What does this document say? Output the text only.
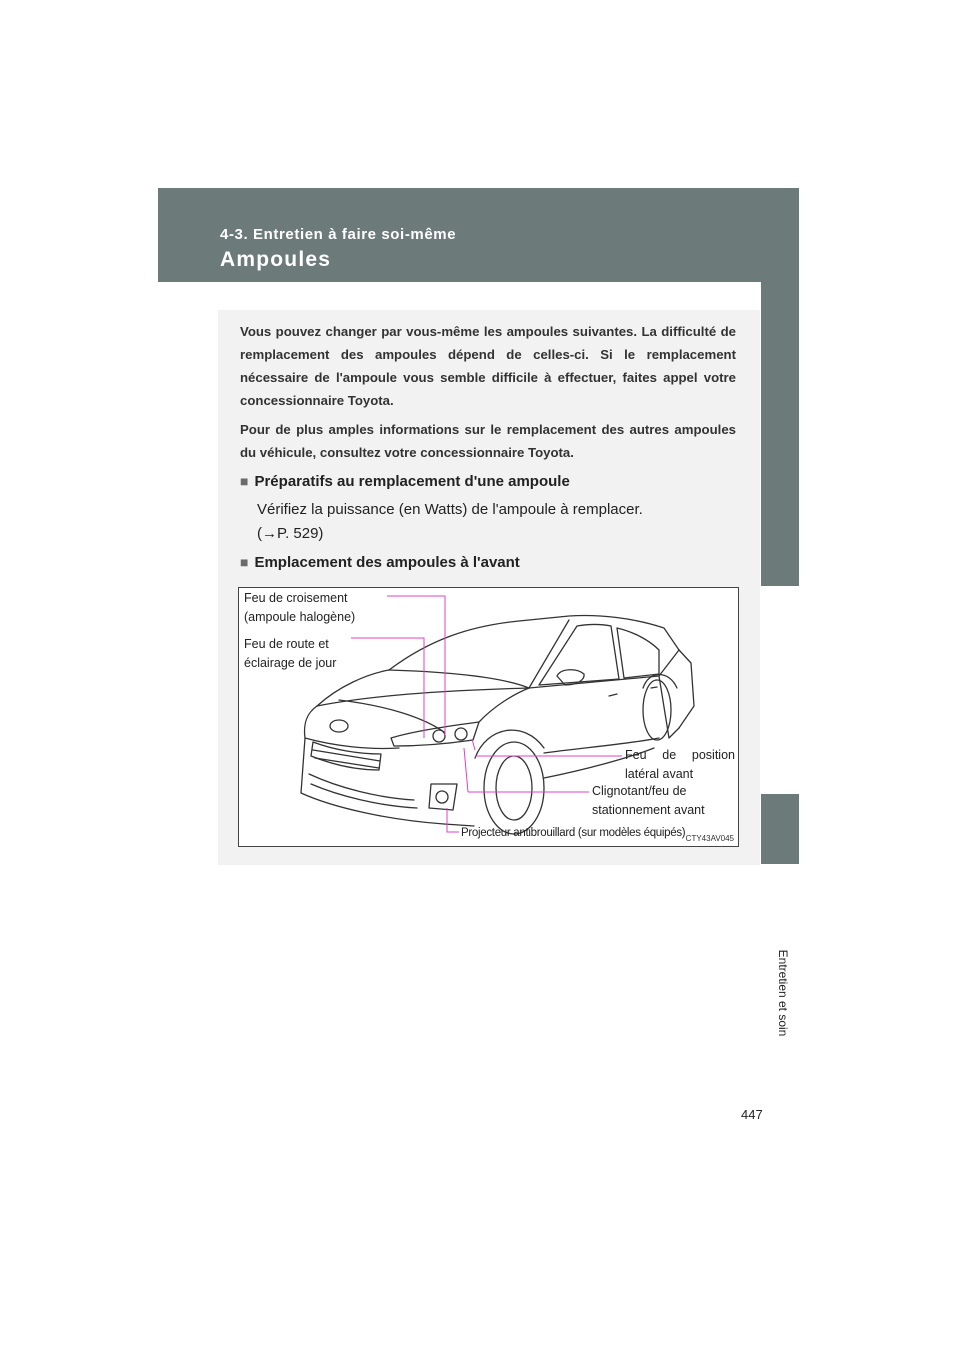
4-3. Entretien à faire soi-même
Ampoules
Entretien et soin

Vous pouvez changer par vous-même les ampoules suivantes. La difficulté de remplacement des ampoules dépend de celles-ci. Si le remplacement nécessaire de l'ampoule vous semble difficile à effectuer, faites appel votre concessionnaire Toyota.

Pour de plus amples informations sur le remplacement des autres ampoules du véhicule, consultez votre concessionnaire Toyota.

■ Préparatifs au remplacement d'une ampoule
Vérifiez la puissance (en Watts) de l'ampoule à remplacer.
(→P. 529)
■ Emplacement des ampoules à l'avant
Feu de croisement
(ampoule halogène)
Feu de route et
éclairage de jour
Feu de position
latéral avant
Clignotant/feu de
stationnement avant
Projecteur antibrouillard (sur modèles équipés) CTY43AV045
447
